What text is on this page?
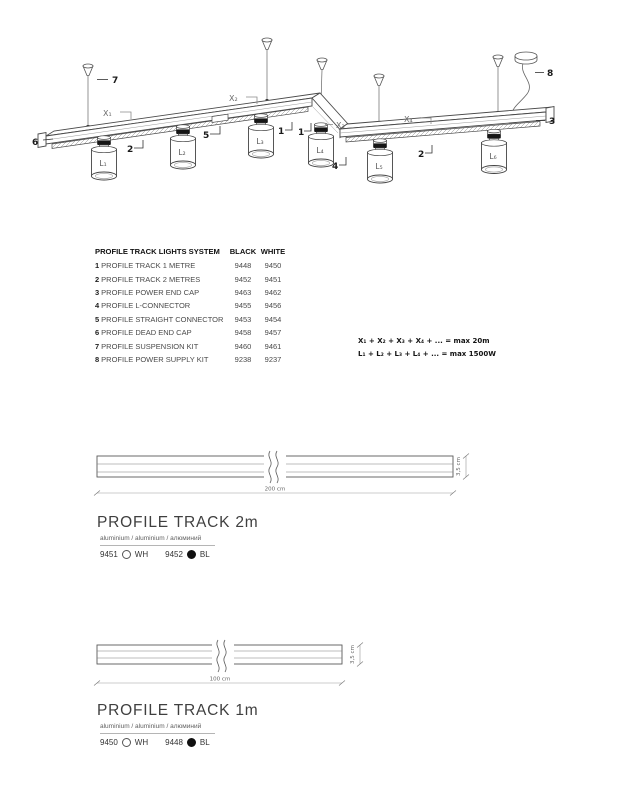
L₁
L₂
L₃
L₄
L₅
L₆
X₁
X₂
X₃
X₄
7
8
6
3
2
5	1 1
4
2
PROFILE TRACK LIGHTS SYSTEM	BLACK WHITE
1 PROFILE TRACK 1 METRE	9448	9450
2 PROFILE TRACK 2 METRES	9452	9451
3 PROFILE POWER END CAP	9463	9462
4 PROFILE L-CONNECTOR	9455	9456
5 PROFILE STRAIGHT CONNECTOR	9453	9454
6 PROFILE DEAD END CAP	9458	9457
7 PROFILE SUSPENSION KIT	9460	9461
8 PROFILE POWER SUPPLY KIT	9238	9237
X₁ + X₂ + X₃ + X₄ + ... = max 20m
L₁ + L₂ + L₃ + L₄ + ... = max 1500W
200 cm
3,5 cm
PROFILE TRACK 2m
aluminium / aluminium / алюминий
9451 WH 9452 BL
100 cm
3,5 cm
PROFILE TRACK 1m
aluminium / aluminium / алюминий
9450 WH 9448 BL
